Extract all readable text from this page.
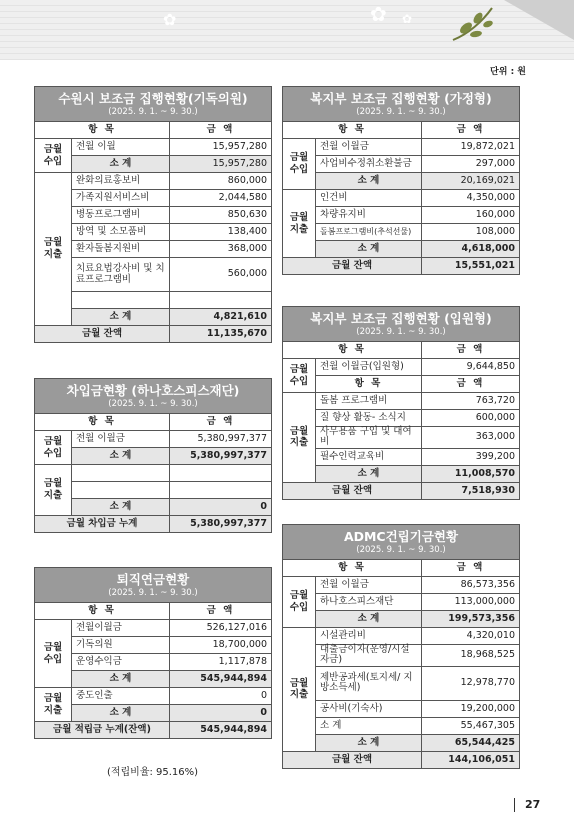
✿	✿ ✿
단위 : 원
수원시 보조금 집행현황(기독의원)
(2025. 9. 1. ~ 9. 30.)		

항 목		금 액
금월 수입	전월 이월	15,957,280
	소 계	15,957,280
금월 지출	완화의료홍보비	860,000
	가족지원서비스비	2,044,580
	병동프로그램비	850,630
	방역 및 소모품비	138,400
	환자돌봄지원비	368,000
	치료요법강사비 및 치료프로그램비	560,000

	소 계	4,821,610
금월 잔액		11,135,670
차입금현황 (하나호스피스재단)
(2025. 9. 1. ~ 9. 30.)		

항 목		금 액
금월 수입	전월 이월금	5,380,997,377
	소 계	5,380,997,377
금월 지출		

	소 계	0
금월 차입금 누계		5,380,997,377
퇴직연금현황
(2025. 9. 1. ~ 9. 30.)		

항 목		금 액
금월 수입	전월이월금	526,127,016
	기독의원	18,700,000
	운영수익금	1,117,878
	소 계	545,944,894
금월 지출	중도인출	0
	소 계	0
금월 적립금 누계(잔액)		545,944,894
(적립비율: 95.16%)
복지부 보조금 집행현황 (가정형)
(2025. 9. 1. ~ 9. 30.)		

항 목		금 액
금월 수입	전월 이월금	19,872,021
	사업비수정취소환불금	297,000
	소 계	20,169,021
금월 지출	인건비	4,350,000
	차량유지비	160,000
	돌봄프로그램비(추석선물)	108,000
	소 계	4,618,000
금월 잔액		15,551,021
복지부 보조금 집행현황 (입원형)
(2025. 9. 1. ~ 9. 30.)		

항 목		금 액
금월 수입	전월 이월금(입원형)	9,644,850
	항 목	금 액
금월 지출	돌봄 프로그램비	763,720
	질 향상 활동- 소식지	600,000
	사무용품 구입 및 대여비	363,000
	필수인력교육비	399,200
	소 계	11,008,570
금월 잔액		7,518,930
ADMC건립기금현황
(2025. 9. 1. ~ 9. 30.)		

항 목		금 액
금월 수입	전월 이월금	86,573,356
	하나호스피스재단	113,000,000
	소 계	199,573,356
금월 지출	시설관리비	4,320,010
	대출금이자(운영/시설자금)	18,968,525
	제반공과세(토지세/ 지방소득세)	12,978,770
	공사비(기숙사)	19,200,000
	소 계	55,467,305
	소 계	65,544,425
금월 잔액		144,106,051
27
